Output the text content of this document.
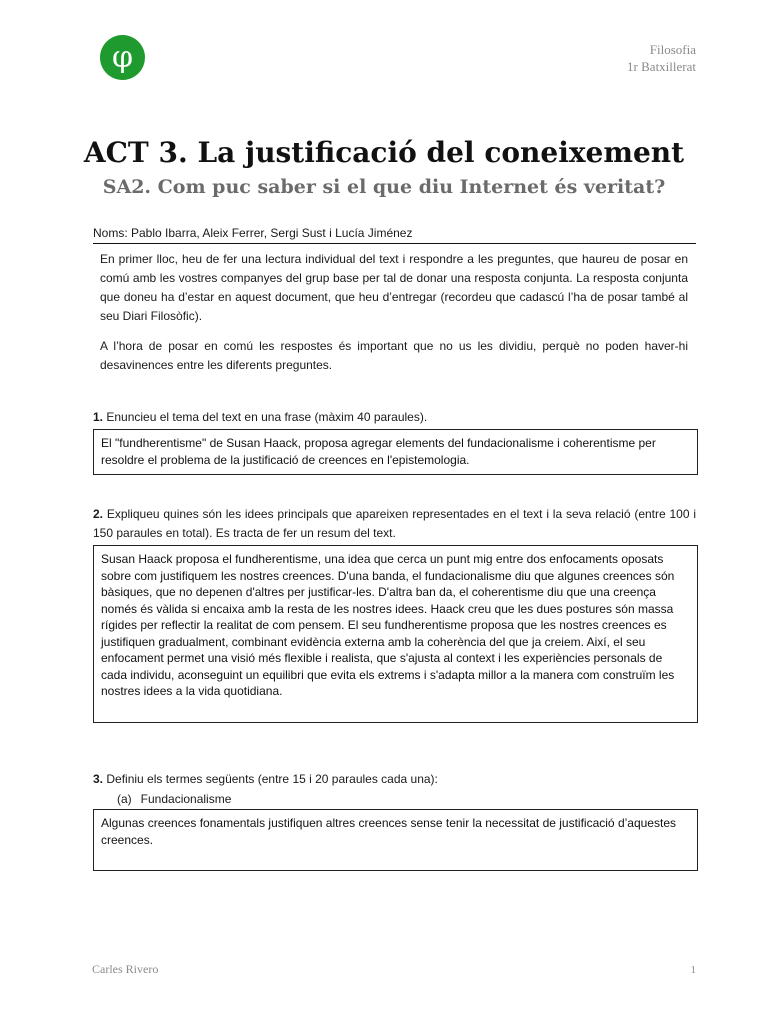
φ	Filosofia
1r Batxillerat
ACT 3. La justificació del coneixement
SA2. Com puc saber si el que diu Internet és veritat?
Noms: Pablo Ibarra, Aleix Ferrer, Sergi Sust i Lucía Jiménez

En primer lloc, heu de fer una lectura individual del text i respondre a les preguntes, que haureu de posar en comú amb les vostres companyes del grup base per tal de donar una resposta conjunta. La resposta conjunta que doneu ha d’estar en aquest document, que heu d’entregar (recordeu que cadascú l’ha de posar també al seu Diari Filosòfic).

A l’hora de posar en comú les respostes és important que no us les dividiu, perquè no poden haver-hi desavinences entre les diferents preguntes.

1. Enuncieu el tema del text en una frase (màxim 40 paraules).
El "fundherentisme" de Susan Haack, proposa agregar elements del fundacionalisme i coherentisme per resoldre el problema de la justificació de creences en l'epistemologia.
2. Expliqueu quines són les idees principals que apareixen representades en el text i la seva relació (entre 100 i 150 paraules en total). Es tracta de fer un resum del text.
Susan Haack proposa el fundherentisme, una idea que cerca un punt mig entre dos enfocaments oposats sobre com justifiquem les nostres creences. D'una banda, el fundacionalisme diu que algunes creences són bàsiques, que no depenen d'altres per justificar-les. D'altra ban da, el coherentisme diu que una creença només és vàlida si encaixa amb la resta de les nostres idees. Haack creu que les dues postures són massa rígides per reflectir la realitat de com pensem. El seu fundherentisme proposa que les nostres creences es justifiquen gradualment, combinant evidència externa amb la coherència del que ja creiem. Així, el seu enfocament permet una visió més flexible i realista, que s'ajusta al context i les experiències personals de cada individu, aconseguint un equilibri que evita els extrems i s'adapta millor a la manera com construïm les nostres idees a la vida quotidiana.
3. Definiu els termes següents (entre 15 i 20 paraules cada una):
(a) Fundacionalisme
Algunas creences fonamentals justifiquen altres creences sense tenir la necessitat de justificació d’aquestes creences.
Carles Rivero	1
